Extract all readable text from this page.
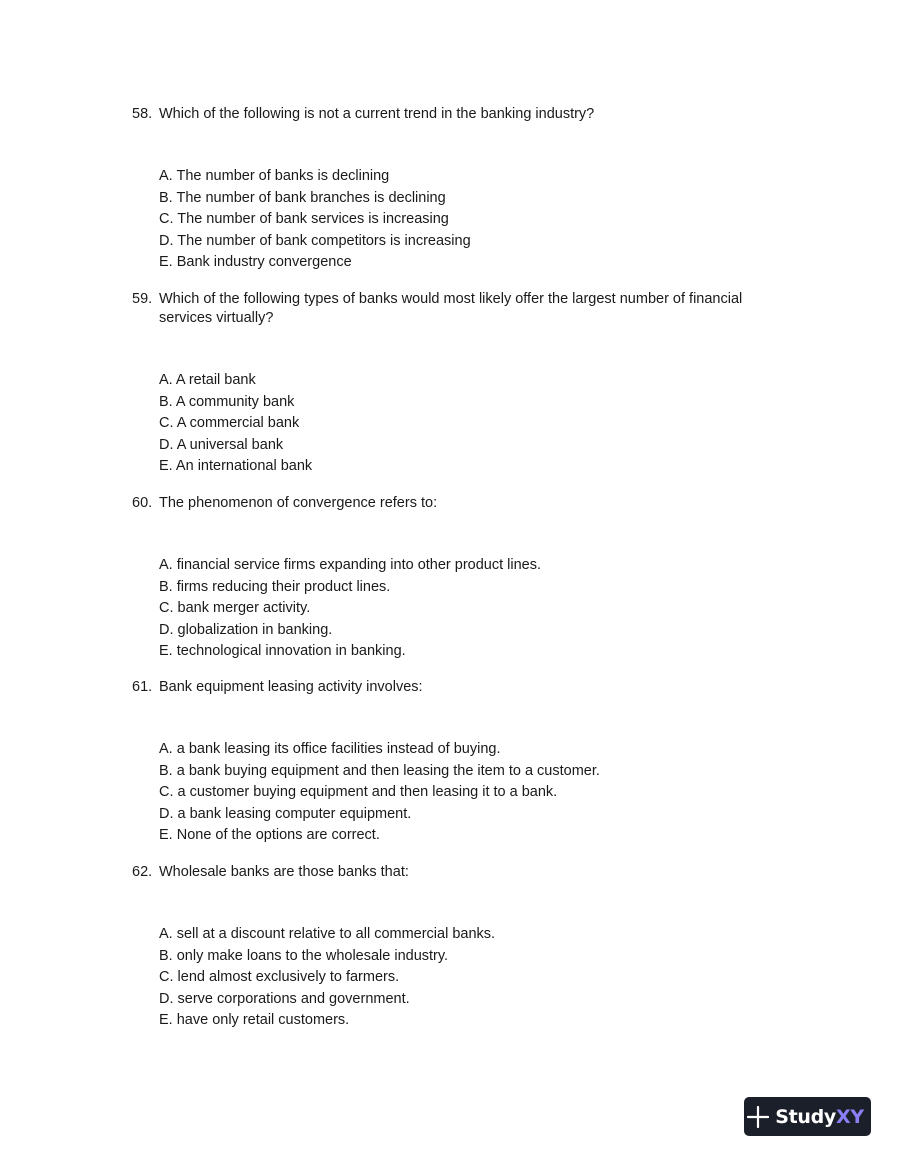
58. Which of the following is not a current trend in the banking industry?
A. The number of banks is declining
B. The number of bank branches is declining
C. The number of bank services is increasing
D. The number of bank competitors is increasing
E. Bank industry convergence
59. Which of the following types of banks would most likely offer the largest number of financial services virtually?
A. A retail bank
B. A community bank
C. A commercial bank
D. A universal bank
E. An international bank
60. The phenomenon of convergence refers to:
A. financial service firms expanding into other product lines.
B. firms reducing their product lines.
C. bank merger activity.
D. globalization in banking.
E. technological innovation in banking.
61. Bank equipment leasing activity involves:
A. a bank leasing its office facilities instead of buying.
B. a bank buying equipment and then leasing the item to a customer.
C. a customer buying equipment and then leasing it to a bank.
D. a bank leasing computer equipment.
E. None of the options are correct.
62. Wholesale banks are those banks that:
A. sell at a discount relative to all commercial banks.
B. only make loans to the wholesale industry.
C. lend almost exclusively to farmers.
D. serve corporations and government.
E. have only retail customers.
StudyXY
